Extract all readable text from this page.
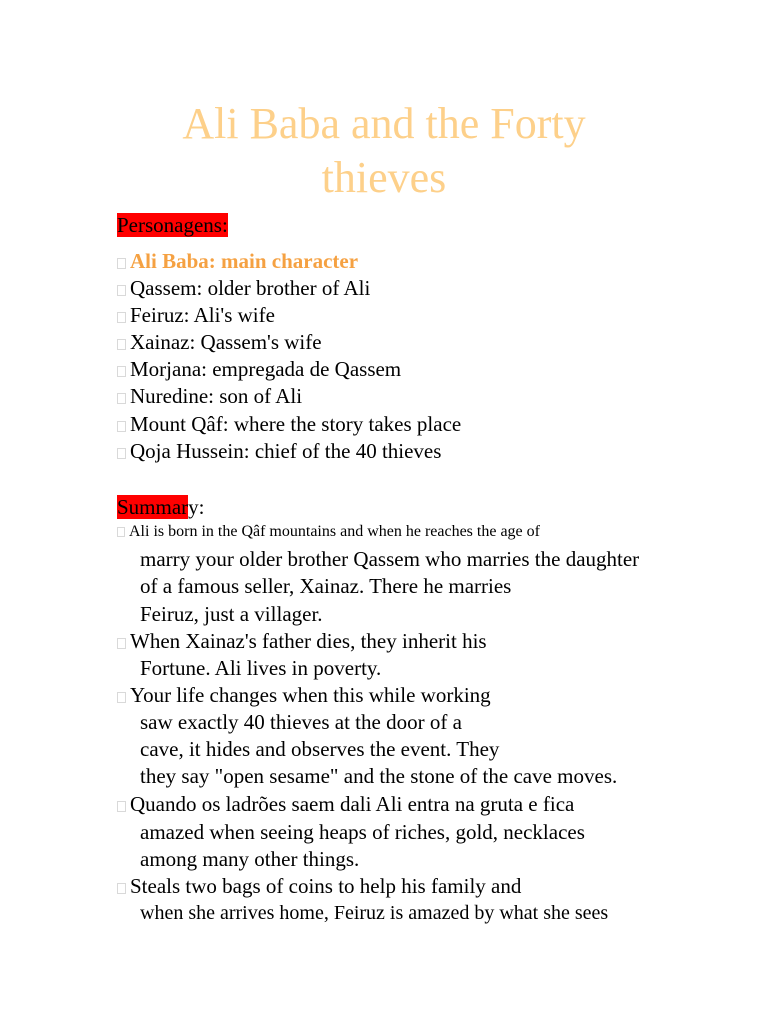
Ali Baba and the Forty
thieves
Personagens:
Ali Baba: main character
Qassem: older brother of Ali
Feiruz: Ali's wife
Xainaz: Qassem's wife
Morjana: empregada de Qassem
Nuredine: son of Ali
Mount Qâf: where the story takes place
Qoja Hussein: chief of the 40 thieves
Summary:
Ali is born in the Qâf mountains and when he reaches the age of
marry your older brother Qassem who marries the daughter
of a famous seller, Xainaz. There he marries
Feiruz, just a villager.
When Xainaz's father dies, they inherit his
Fortune. Ali lives in poverty.
Your life changes when this while working
saw exactly 40 thieves at the door of a
cave, it hides and observes the event. They
they say "open sesame" and the stone of the cave moves.
Quando os ladrões saem dali Ali entra na gruta e fica
amazed when seeing heaps of riches, gold, necklaces
among many other things.
Steals two bags of coins to help his family and
when she arrives home, Feiruz is amazed by what she sees
